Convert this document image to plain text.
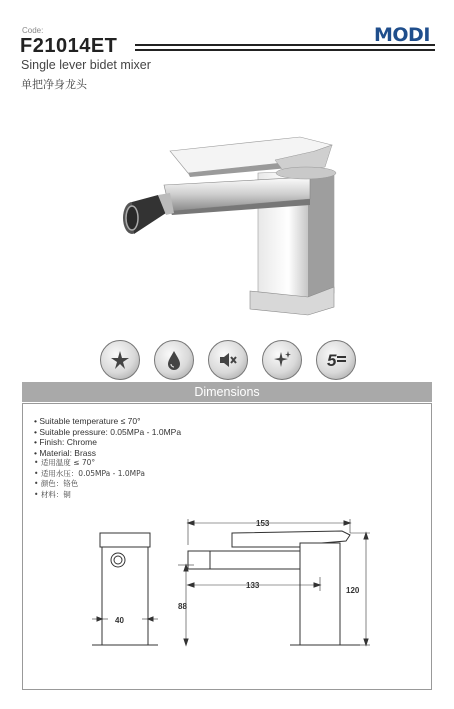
Code:
F21014ET
Single lever bidet mixer
单把净身龙头
MODI
5
Dimensions
• Suitable temperature ≤ 70°
• Suitable pressure: 0.05MPa - 1.0MPa
• Finish: Chrome
• Material: Brass
• 适用温度 ≤ 70°
• 适用水压：0.05MPa - 1.0MPa
• 颜色：铬色
• 材料：铜
40
153
133
88
120
